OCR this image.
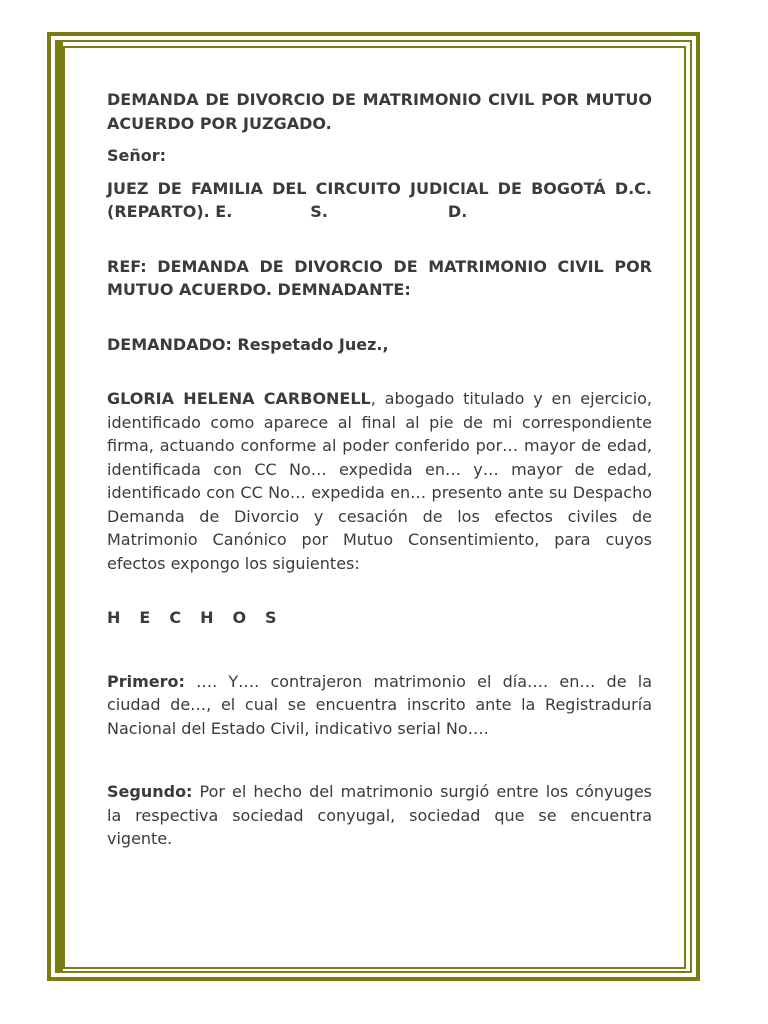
DEMANDA DE DIVORCIO DE MATRIMONIO CIVIL POR MUTUO ACUERDO POR JUZGADO.

Señor:

JUEZ DE FAMILIA DEL CIRCUITO JUDICIAL DE BOGOTÁ D.C. (REPARTO). E.	S.	D.

REF: DEMANDA DE DIVORCIO DE MATRIMONIO CIVIL POR MUTUO ACUERDO. DEMNADANTE:

DEMANDADO: Respetado Juez.,

GLORIA HELENA CARBONELL, abogado titulado y en ejercicio, identificado como aparece al final al pie de mi correspondiente firma, actuando conforme al poder conferido por… mayor de edad, identificada con CC No… expedida en… y… mayor de edad, identificado con CC No… expedida en… presento ante su Despacho Demanda de Divorcio y cesación de los efectos civiles de Matrimonio Canónico por Mutuo Consentimiento, para cuyos efectos expongo los siguientes:

HECHOS

Primero: …. Y…. contrajeron matrimonio el día…. en… de la ciudad de…, el cual se encuentra inscrito ante la Registraduría Nacional del Estado Civil, indicativo serial No….

Segundo: Por el hecho del matrimonio surgió entre los cónyuges la respectiva sociedad conyugal, sociedad que se encuentra vigente.
